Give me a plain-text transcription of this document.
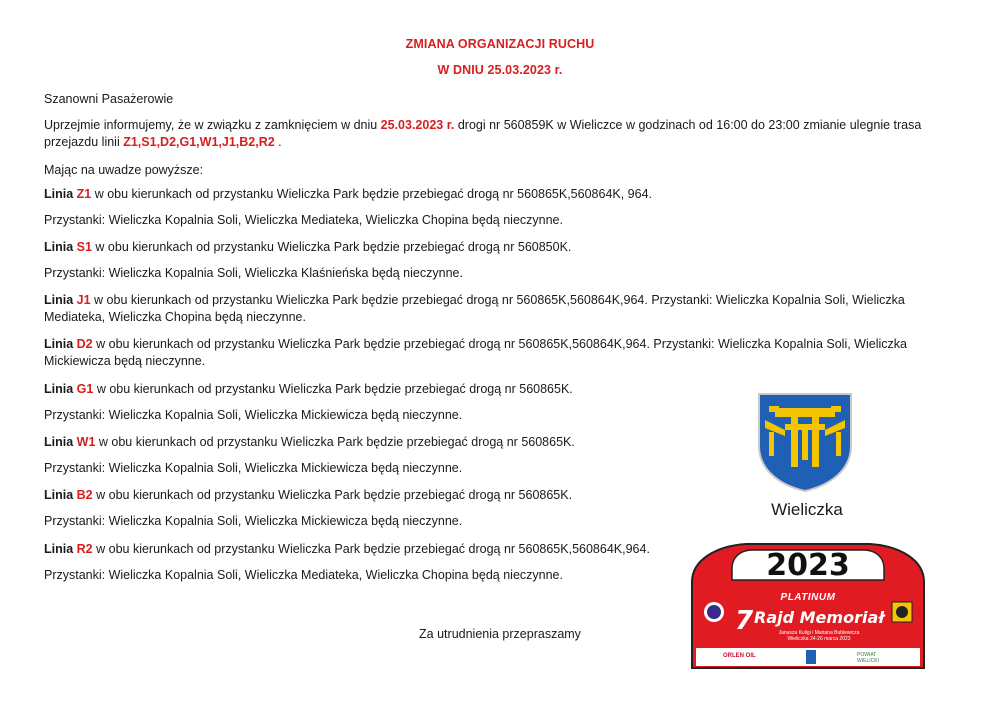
ZMIANA ORGANIZACJI RUCHU
W DNIU 25.03.2023 r.
Szanowni Pasażerowie
Uprzejmie informujemy, że w związku z zamknięciem w dniu 25.03.2023 r. drogi nr 560859K w Wieliczce w godzinach od 16:00 do 23:00 zmianie ulegnie trasa przejazdu linii Z1,S1,D2,G1,W1,J1,B2,R2 .
Mając na uwadze powyższe:
Linia Z1 w obu kierunkach od przystanku Wieliczka Park będzie przebiegać drogą nr 560865K,560864K, 964.
Przystanki: Wieliczka Kopalnia Soli, Wieliczka Mediateka, Wieliczka Chopina będą nieczynne.
Linia S1 w obu kierunkach od przystanku Wieliczka Park będzie przebiegać drogą nr 560850K.
Przystanki: Wieliczka Kopalnia Soli, Wieliczka Klaśnieńska będą nieczynne.
Linia J1 w obu kierunkach od przystanku Wieliczka Park będzie przebiegać drogą nr 560865K,560864K,964. Przystanki: Wieliczka Kopalnia Soli, Wieliczka Mediateka, Wieliczka Chopina będą nieczynne.
Linia D2 w obu kierunkach od przystanku Wieliczka Park będzie przebiegać drogą nr 560865K,560864K,964. Przystanki: Wieliczka Kopalnia Soli, Wieliczka Mickiewicza będą nieczynne.
Linia G1 w obu kierunkach od przystanku Wieliczka Park będzie przebiegać drogą nr 560865K.
Przystanki: Wieliczka Kopalnia Soli, Wieliczka Mickiewicza będą nieczynne.
Linia W1 w obu kierunkach od przystanku Wieliczka Park będzie przebiegać drogą nr 560865K.
Przystanki: Wieliczka Kopalnia Soli, Wieliczka Mickiewicza będą nieczynne.
Linia B2 w obu kierunkach od przystanku Wieliczka Park będzie przebiegać drogą nr 560865K.
Przystanki: Wieliczka Kopalnia Soli, Wieliczka Mickiewicza będą nieczynne.
Linia R2 w obu kierunkach od przystanku Wieliczka Park będzie przebiegać drogą nr 560865K,560864K,964.
Przystanki: Wieliczka Kopalnia Soli, Wieliczka Mediateka, Wieliczka Chopina będą nieczynne.
Za utrudnienia przepraszamy
Wieliczka
2023
PLATINUM
7 Rajd Memoriał
Janusza Kuligi i Mariana Bublewicza
Wieliczka 24-26 marca 2023
ORLEN OIL	POWIAT WIELICKI
